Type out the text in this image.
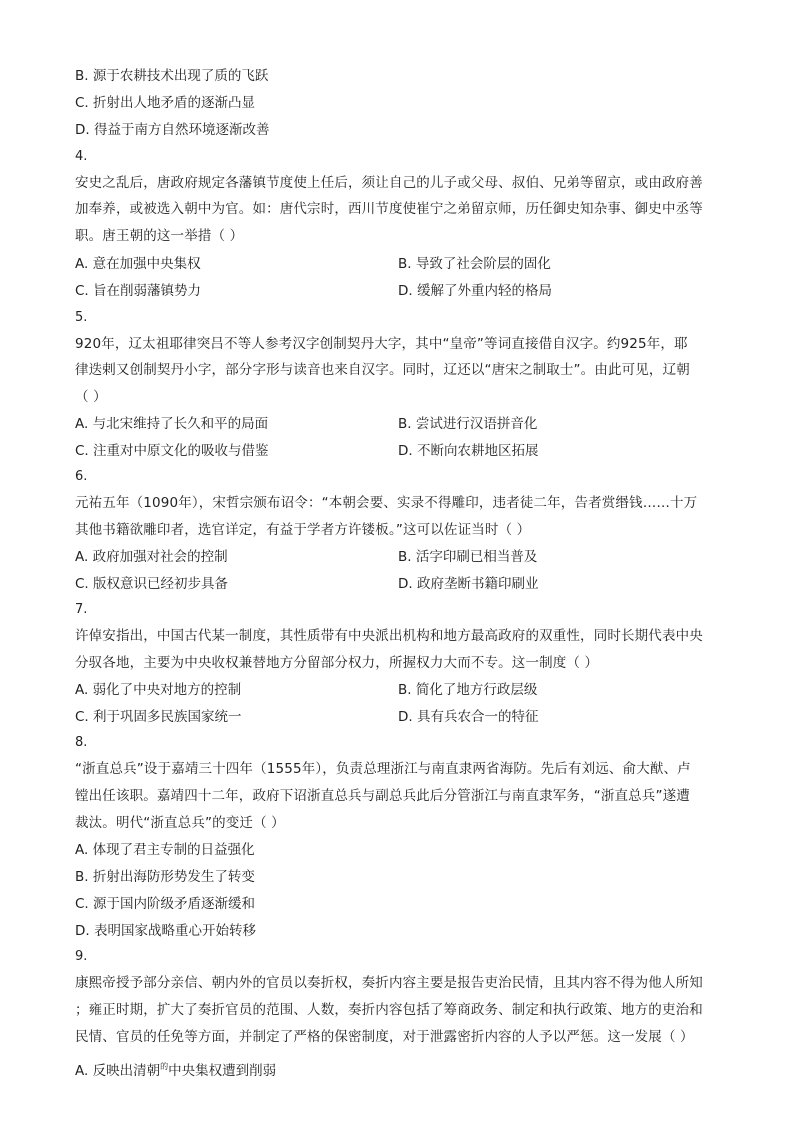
B. 源于农耕技术出现了质的飞跃
C. 折射出人地矛盾的逐渐凸显
D. 得益于南方自然环境逐渐改善
4.
安史之乱后，唐政府规定各藩镇节度使上任后，须让自己的儿子或父母、叔伯、兄弟等留京，或由政府善
加奉养，或被选入朝中为官。如：唐代宗时，西川节度使崔宁之弟留京师，历任御史知杂事、御史中丞等
职。唐王朝的这一举措（ ）
A. 意在加强中央集权	B. 导致了社会阶层的固化
C. 旨在削弱藩镇势力	D. 缓解了外重内轻的格局
5.
920年，辽太祖耶律突吕不等人参考汉字创制契丹大字，其中“皇帝”等词直接借自汉字。约925年，耶
律迭剌又创制契丹小字，部分字形与读音也来自汉字。同时，辽还以“唐宋之制取士”。由此可见，辽朝
（ ）
A. 与北宋维持了长久和平的局面	B. 尝试进行汉语拼音化
C. 注重对中原文化的吸收与借鉴	D. 不断向农耕地区拓展
6.
元祐五年（1090年），宋哲宗颁布诏令：“本朝会要、实录不得雕印，违者徒二年，告者赏缗钱……十万
其他书籍欲雕印者，选官详定，有益于学者方许镂板。”这可以佐证当时（ ）
A. 政府加强对社会的控制	B. 活字印刷已相当普及
C. 版权意识已经初步具备	D. 政府垄断书籍印刷业
7.
许倬安指出，中国古代某一制度，其性质带有中央派出机构和地方最高政府的双重性，同时长期代表中央
分驭各地，主要为中央收权兼替地方分留部分权力，所握权力大而不专。这一制度（ ）
A. 弱化了中央对地方的控制	B. 简化了地方行政层级
C. 利于巩固多民族国家统一	D. 具有兵农合一的特征
8.
“浙直总兵”设于嘉靖三十四年（1555年），负责总理浙江与南直隶两省海防。先后有刘远、俞大猷、卢
镗出任该职。嘉靖四十二年，政府下诏浙直总兵与副总兵此后分管浙江与南直隶军务，“浙直总兵”遂遭
裁汰。明代“浙直总兵”的变迁（ ）
A. 体现了君主专制的日益强化
B. 折射出海防形势发生了转变
C. 源于国内阶级矛盾逐渐缓和
D. 表明国家战略重心开始转移
9.
康熙帝授予部分亲信、朝内外的官员以奏折权，奏折内容主要是报告吏治民情，且其内容不得为他人所知
；雍正时期，扩大了奏折官员的范围、人数，奏折内容包括了筹商政务、制定和执行政策、地方的吏治和
民情、官员的任免等方面，并制定了严格的保密制度，对于泄露密折内容的人予以严惩。这一发展（ ）
A. 反映出清朝$^的$中央集权遭到削弱
